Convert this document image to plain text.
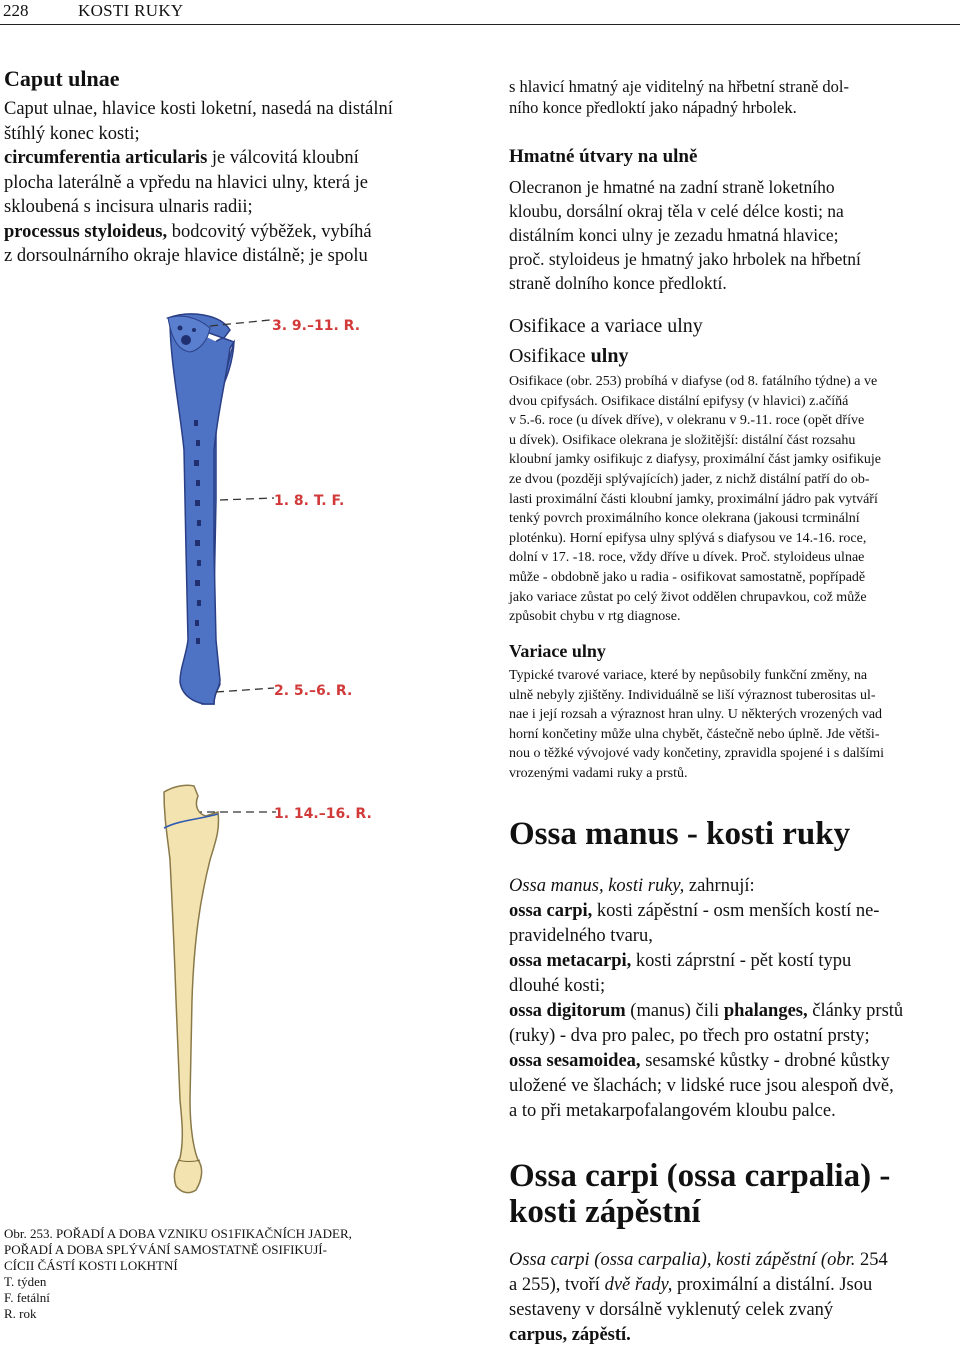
228	KOSTI RUKY
Caput ulnae

Caput ulnae, hlavice kosti loketní, nasedá na distální

štíhlý konec kosti;

circumferentia articularis je válcovitá kloubní

plocha laterálně a vpředu na hlavici ulny, která je

skloubená s incisura ulnaris radii;

processus styloideus, bodcovitý výběžek, vybíhá

z dorsoulnárního okraje hlavice distálně; je spolu

3. 9.–11. R.
1. 8. T. F.
2. 5.–6. R.
1. 14.–16. R.

Obr. 253. POŘADÍ A DOBA VZNIKU OS1FIKAČNÍCH JADER,

POŘADÍ A DOBA SPLÝVÁNÍ SAMOSTATNĚ OSIFIKUJÍ-

CÍCII ČÁSTÍ KOSTI LOKHTNÍ

T. týden

F. fetální

R. rok

s hlavicí hmatný aje viditelný na hřbetní straně dol-
ního konce předloktí jako nápadný hrbolek.
Hmatné útvary na ulně
Olecranon je hmatné na zadní straně loketního
kloubu, dorsální okraj těla v celé délce kosti; na
distálním konci ulny je zezadu hmatná hlavice;
proč. styloideus je hmatný jako hrbolek na hřbetní
straně dolního konce předloktí.
Osifikace a variace ulny
Osifikace ulny

Osifikace (obr. 253) probíhá v diafyse (od 8. fatálního týdne) a ve

dvou cpifysách. Osifikace distální epifysy (v hlavici) z.ačíňá

v 5.-6. roce (u dívek dříve), v olekranu v 9.-11. roce (opět dříve

u dívek). Osifikace olekrana je složitější: distální část rozsahu

kloubní jamky osifikujc z diafysy, proximální část jamky osifikuje

ze dvou (později splývajících) jader, z nichž distální patří do ob-

lasti proximální části kloubní jamky, proximální jádro pak vytváří

tenký povrch proximálního konce olekrana (jakousi tcrminální

ploténku). Horní epifysa ulny splývá s diafysou ve 14.-16. roce,

dolní v 17. -18. roce, vždy dříve u dívek. Proč. styloideus ulnae

může - obdobně jako u radia - osifikovat samostatně, popřípadě

jako variace zůstat po celý život oddělen chrupavkou, což může

způsobit chybu v rtg diagnose.

Variace ulny

Typické tvarové variace, které by nepůsobily funkční změny, na

ulně nebyly zjištěny. Individuálně se liší výraznost tuberositas ul-

nae i její rozsah a výraznost hran ulny. U některých vrozených vad

horní končetiny může ulna chybět, částečně nebo úplně. Jde větši-

nou o těžké vývojové vady končetiny, zpravidla spojené i s dalšími

vrozenými vadami ruky a prstů.

Ossa manus - kosti ruky

Ossa manus, kosti ruky, zahrnují:

ossa carpi, kosti zápěstní - osm menších kostí ne-

pravidelného tvaru,

ossa metacarpi, kosti záprstní - pět kostí typu

dlouhé kosti;

ossa digitorum (manus) čili phalanges, články prstů

(ruky) - dva pro palec, po třech pro ostatní prsty;

ossa sesamoidea, sesamské kůstky - drobné kůstky

uložené ve šlachách; v lidské ruce jsou alespoň dvě,

a to při metakarpofalangovém kloubu palce.

Ossa carpi (ossa carpalia) -
kosti zápěstní

Ossa carpi (ossa carpalia), kosti zápěstní (obr. 254

a 255), tvoří dvě řady, proximální a distální. Jsou

sestaveny v dorsálně vyklenutý celek zvaný

carpus, zápěstí.
